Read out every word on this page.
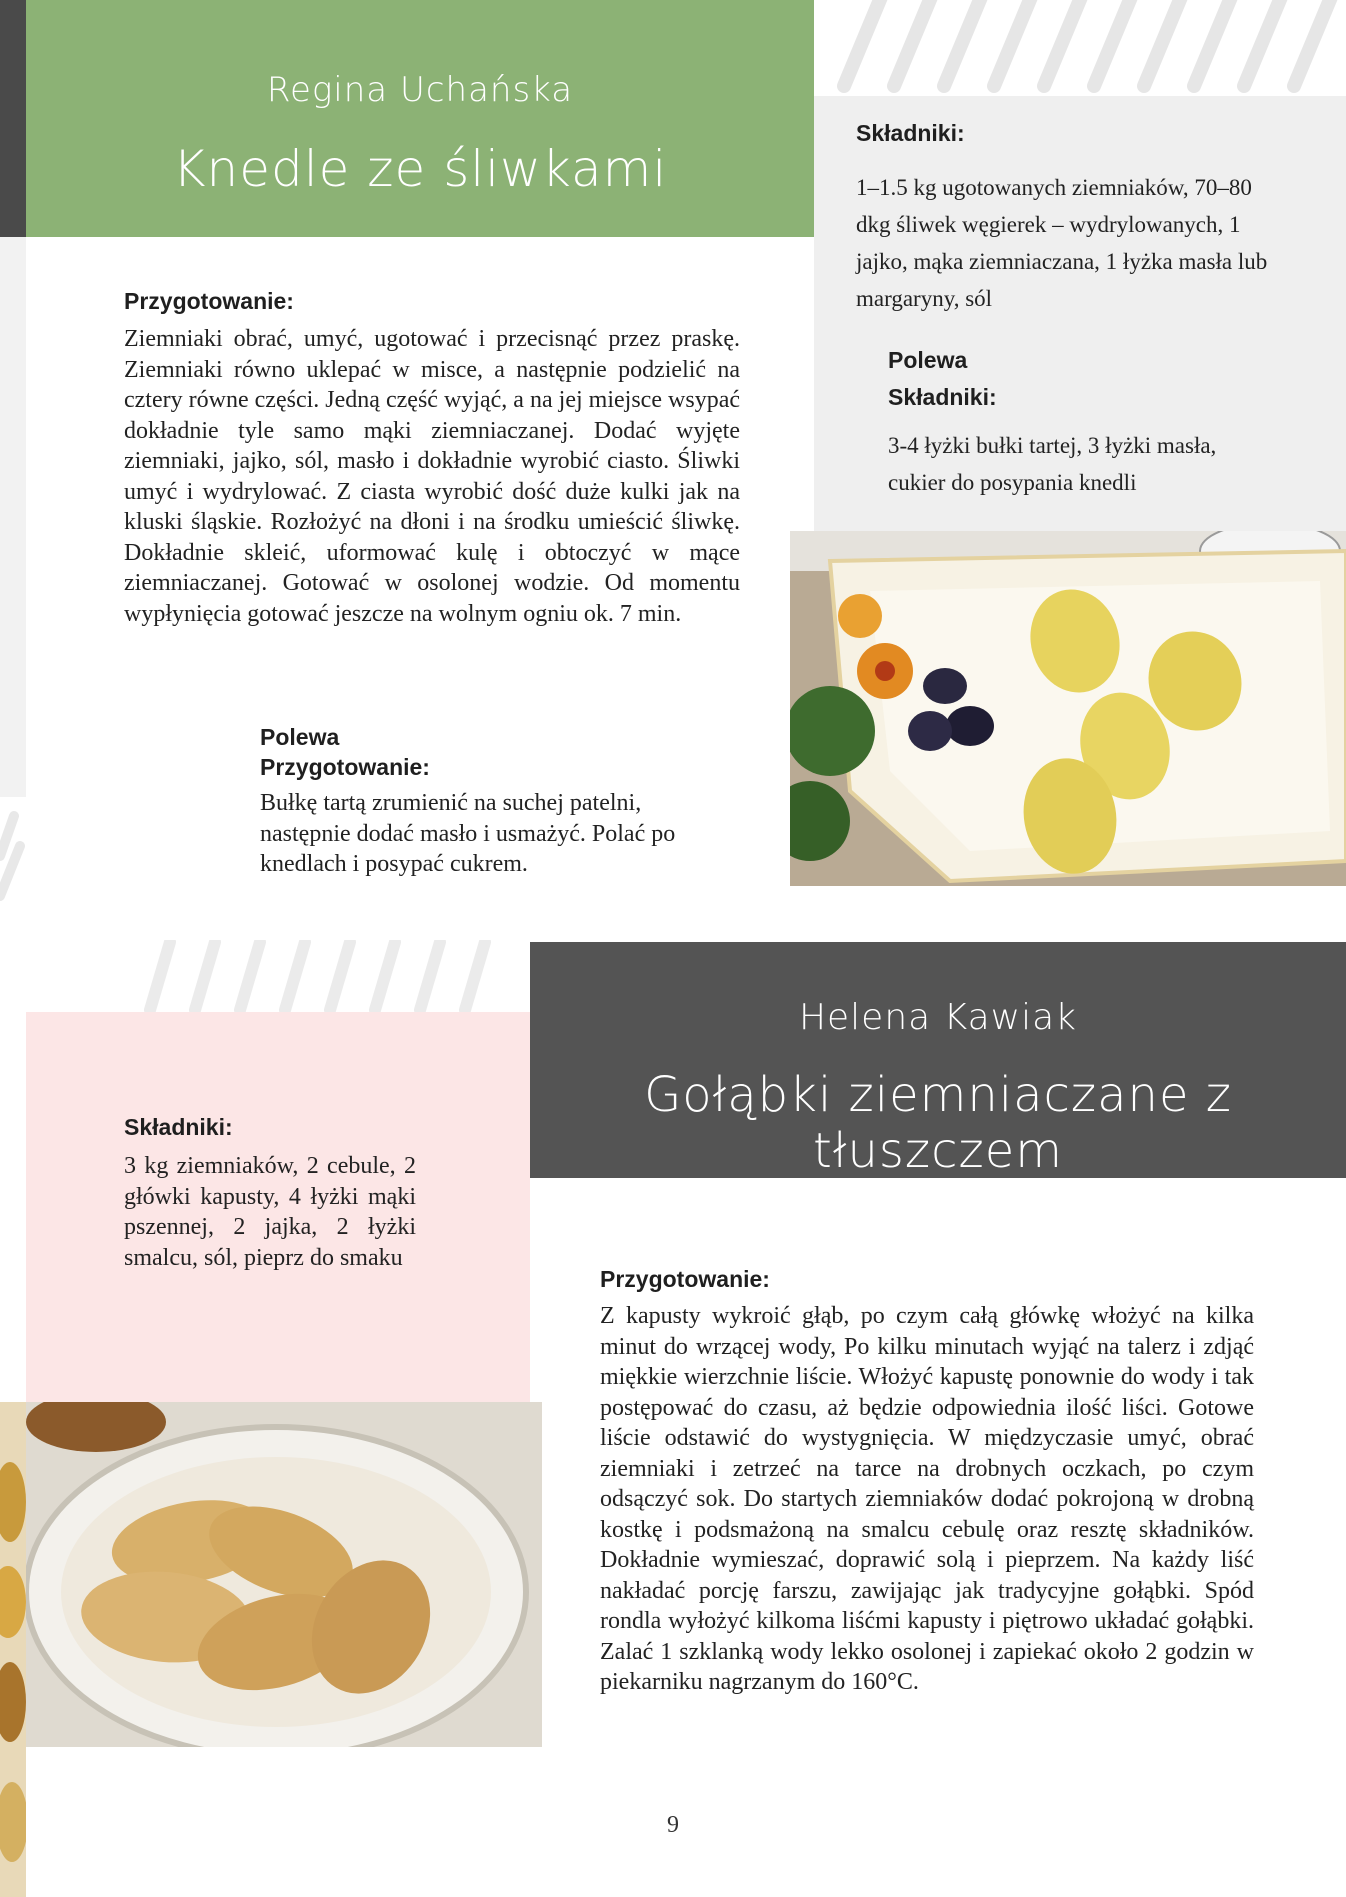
Regina Uchańska
Knedle ze śliwkami
Składniki:
1–1.5 kg ugotowanych ziemniaków, 70–80 dkg śliwek węgierek – wydrylowanych, 1 jajko, mąka ziemniaczana, 1 łyżka masła lub margaryny, sól
Polewa
Składniki:
3-4 łyżki bułki tartej, 3 łyżki masła, cukier do posypania knedli
Przygotowanie:
Ziemniaki obrać, umyć, ugotować i przecisnąć przez praskę. Ziemniaki równo uklepać w misce, a następnie podzielić na cztery równe części. Jedną część wyjąć, a na jej miejsce wsypać dokładnie tyle samo mąki ziemniaczanej. Dodać wyjęte ziemniaki, jajko, sól, masło i dokładnie wyrobić ciasto. Śliwki umyć i wydrylować. Z ciasta wyrobić dość duże kulki jak na kluski śląskie. Rozłożyć na dłoni i na środku umieścić śliwkę. Dokładnie skleić, uformować kulę i obtoczyć w mące ziemniaczanej. Gotować w osolonej wodzie. Od momentu wypłynięcia gotować jeszcze na wolnym ogniu ok. 7 min.
Polewa
Przygotowanie:
Bułkę tartą zrumienić na suchej patelni, następnie dodać masło i usmażyć. Polać po knedlach i posypać cukrem.
Helena Kawiak
Gołąbki ziemniaczane z tłuszczem
Składniki:
3 kg ziemniaków, 2 cebule, 2 główki kapusty, 4 łyżki mąki pszennej, 2 jajka, 2 łyżki smalcu, sól, pieprz do smaku
Przygotowanie:
Z kapusty wykroić głąb, po czym całą główkę włożyć na kilka minut do wrzącej wody, Po kilku minutach wyjąć na talerz i zdjąć miękkie wierzchnie liście. Włożyć kapustę ponownie do wody i tak postępować do czasu, aż będzie odpowiednia ilość liści. Gotowe liście odstawić do wystygnięcia. W międzyczasie umyć, obrać ziemniaki i zetrzeć na tarce na drobnych oczkach, po czym odsączyć sok. Do startych ziemniaków dodać pokrojoną w drobną kostkę i podsmażoną na smalcu cebulę oraz resztę składników. Dokładnie wymieszać, doprawić solą i pieprzem. Na każdy liść nakładać porcję farszu, zawijając jak tradycyjne gołąbki. Spód rondla wyłożyć kilkoma liśćmi kapusty i piętrowo układać gołąbki. Zalać 1 szklanką wody lekko osolonej i zapiekać około 2 godzin w piekarniku nagrzanym do 160°C.
9
